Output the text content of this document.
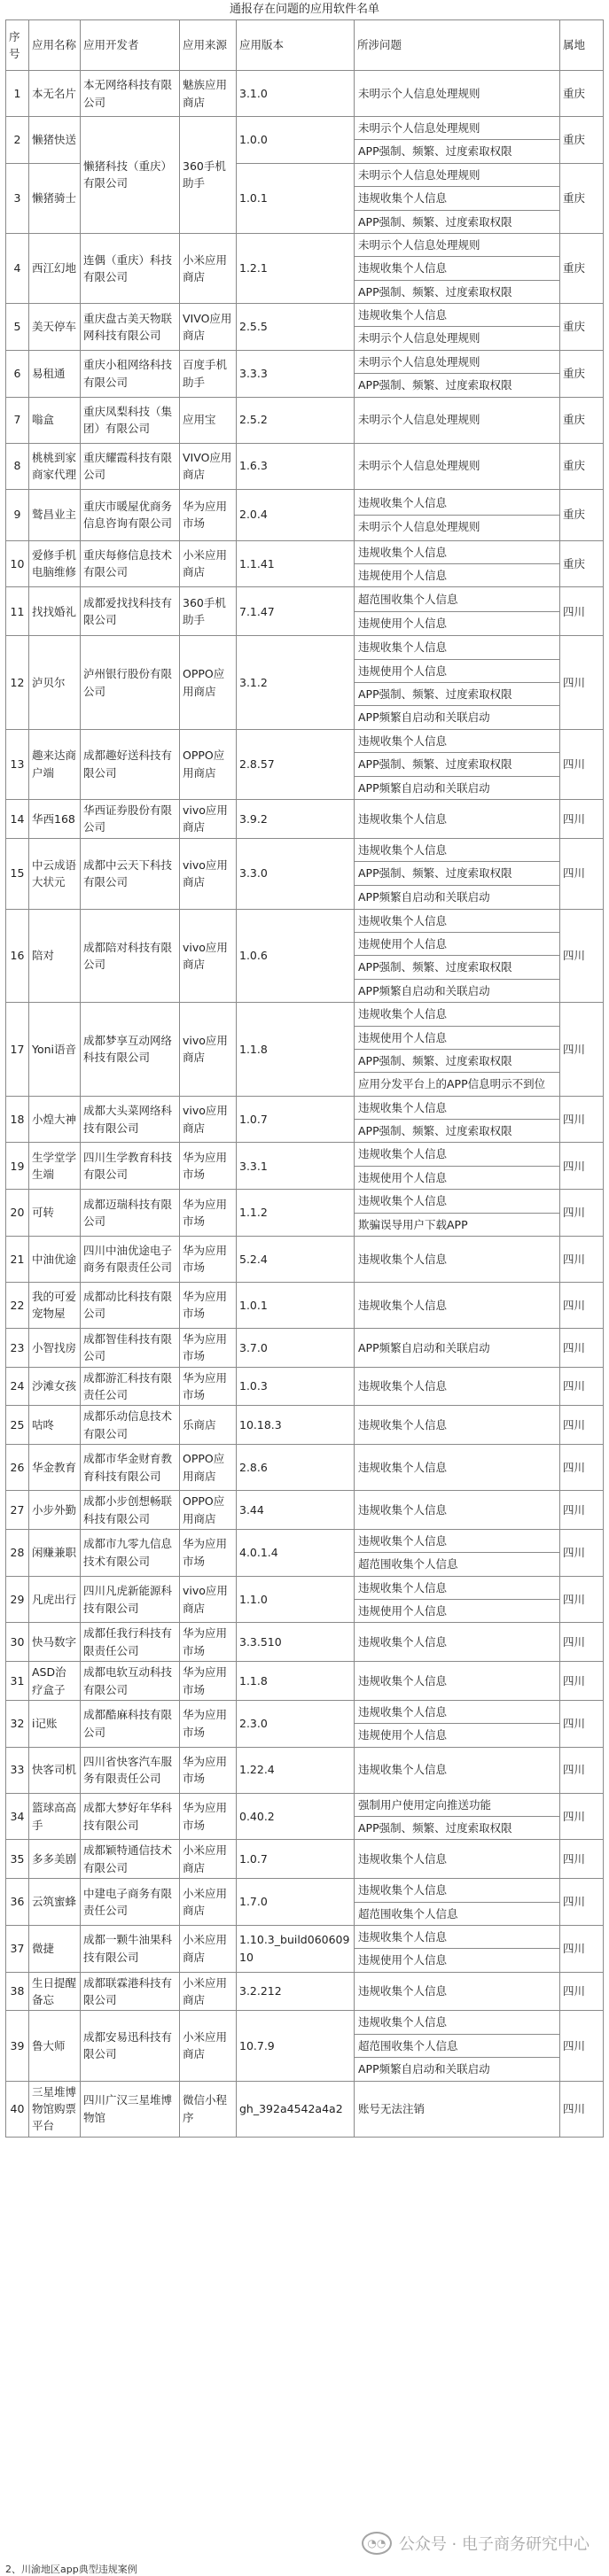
通报存在问题的应用软件名单
序号	应用名称	应用开发者	应用来源	应用版本	所涉问题	属地
1	本无名片	本无网络科技有限公司	魅族应用商店	3.1.0	未明示个人信息处理规则	重庆
2	懒猪快送	懒猪科技（重庆）有限公司	360手机助手	1.0.0	未明示个人信息处理规则
APP强制、频繁、过度索取权限	重庆
3	懒猪骑士			1.0.1	未明示个人信息处理规则
违规收集个人信息
APP强制、频繁、过度索取权限	重庆
4	西江幻地	连偶（重庆）科技有限公司	小米应用商店	1.2.1	未明示个人信息处理规则
违规收集个人信息
APP强制、频繁、过度索取权限	重庆
5	美天停车	重庆盘古美天物联网科技有限公司	VIVO应用商店	2.5.5	违规收集个人信息
未明示个人信息处理规则	重庆
6	易租通	重庆小租网络科技有限公司	百度手机助手	3.3.3	未明示个人信息处理规则
APP强制、频繁、过度索取权限	重庆
7	嗡盒	重庆凤梨科技（集团）有限公司	应用宝	2.5.2	未明示个人信息处理规则	重庆
8	桃桃到家商家代理	重庆耀霞科技有限公司	VIVO应用商店	1.6.3	未明示个人信息处理规则	重庆
9	鹫昌业主	重庆市暖屋优商务信息咨询有限公司	华为应用市场	2.0.4	违规收集个人信息
未明示个人信息处理规则	重庆
10	爱修手机电脑维修	重庆每修信息技术有限公司	小米应用商店	1.1.41	违规收集个人信息
违规使用个人信息	重庆
11	找找婚礼	成都爱找找科技有限公司	360手机助手	7.1.47	超范围收集个人信息
违规使用个人信息	四川
12	泸贝尔	泸州银行股份有限公司	OPPO应用商店	3.1.2	违规收集个人信息
违规使用个人信息
APP强制、频繁、过度索取权限
APP频繁自启动和关联启动	四川
13	趣来达商户端	成都趣好送科技有限公司	OPPO应用商店	2.8.57	违规收集个人信息
APP强制、频繁、过度索取权限
APP频繁自启动和关联启动	四川
14	华西168	华西证券股份有限公司	vivo应用商店	3.9.2	违规收集个人信息	四川
15	中云成语大状元	成都中云天下科技有限公司	vivo应用商店	3.3.0	违规收集个人信息
APP强制、频繁、过度索取权限
APP频繁自启动和关联启动	四川
16	陪对	成都陪对科技有限公司	vivo应用商店	1.0.6	违规收集个人信息
违规使用个人信息
APP强制、频繁、过度索取权限
APP频繁自启动和关联启动	四川
17	Yoni语音	成都梦享互动网络科技有限公司	vivo应用商店	1.1.8	违规收集个人信息
违规使用个人信息
APP强制、频繁、过度索取权限
应用分发平台上的APP信息明示不到位	四川
18	小煌大神	成都大头菜网络科技有限公司	vivo应用商店	1.0.7	违规收集个人信息
APP强制、频繁、过度索取权限	四川
19	生学堂学生端	四川生学教育科技有限公司	华为应用市场	3.3.1	违规收集个人信息
违规使用个人信息	四川
20	可转	成都迈瑞科技有限公司	华为应用市场	1.1.2	违规收集个人信息
欺骗误导用户下载APP	四川
21	中油优途	四川中油优途电子商务有限责任公司	华为应用市场	5.2.4	违规收集个人信息	四川
22	我的可爱宠物屋	成都动比科技有限公司	华为应用市场	1.0.1	违规收集个人信息	四川
23	小智找房	成都智佳科技有限公司	华为应用市场	3.7.0	APP频繁自启动和关联启动	四川
24	沙滩女孩	成都游汇科技有限责任公司	华为应用市场	1.0.3	违规收集个人信息	四川
25	咕咚	成都乐动信息技术有限公司	乐商店	10.18.3	违规收集个人信息	四川
26	华金教育	成都市华金财育教育科技有限公司	OPPO应用商店	2.8.6	违规收集个人信息	四川
27	小步外勤	成都小步创想畅联科技有限公司	OPPO应用商店	3.44	违规收集个人信息	四川
28	闲赚兼职	成都市九零九信息技术有限公司	华为应用市场	4.0.1.4	违规收集个人信息
超范围收集个人信息	四川
29	凡虎出行	四川凡虎新能源科技有限公司	vivo应用商店	1.1.0	违规收集个人信息
违规使用个人信息	四川
30	快马数字	成都任我行科技有限责任公司	华为应用市场	3.3.510	违规收集个人信息	四川
31	ASD治疗盒子	成都电软互动科技有限公司	华为应用市场	1.1.8	违规收集个人信息	四川
32	i记账	成都酷麻科技有限公司	华为应用市场	2.3.0	违规收集个人信息
违规使用个人信息	四川
33	快客司机	四川省快客汽车服务有限责任公司	华为应用市场	1.22.4	违规收集个人信息	四川
34	篮球高高手	成都大梦好年华科技有限公司	华为应用市场	0.40.2	强制用户使用定向推送功能
APP强制、频繁、过度索取权限	四川
35	多多美剧	成都颖特通信技术有限公司	小米应用商店	1.0.7	违规收集个人信息	四川
36	云筑蜜蜂	中建电子商务有限责任公司	小米应用商店	1.7.0	违规收集个人信息
超范围收集个人信息	四川
37	微捷	成都一颗牛油果科技有限公司	小米应用商店	1.10.3_build06060910	违规收集个人信息
违规使用个人信息	四川
38	生日提醒备忘	成都联霖港科技有限公司	小米应用商店	3.2.212	违规收集个人信息	四川
39	鲁大师	成都安易迅科技有限公司	小米应用商店	10.7.9	违规收集个人信息
超范围收集个人信息
APP频繁自启动和关联启动	四川
40	三星堆博物馆购票平台	四川广汉三星堆博物馆	微信小程序	gh_392a4542a4a2	账号无法注销	四川
◔◔ 公众号 · 电子商务研究中心
2、川渝地区app典型违规案例
